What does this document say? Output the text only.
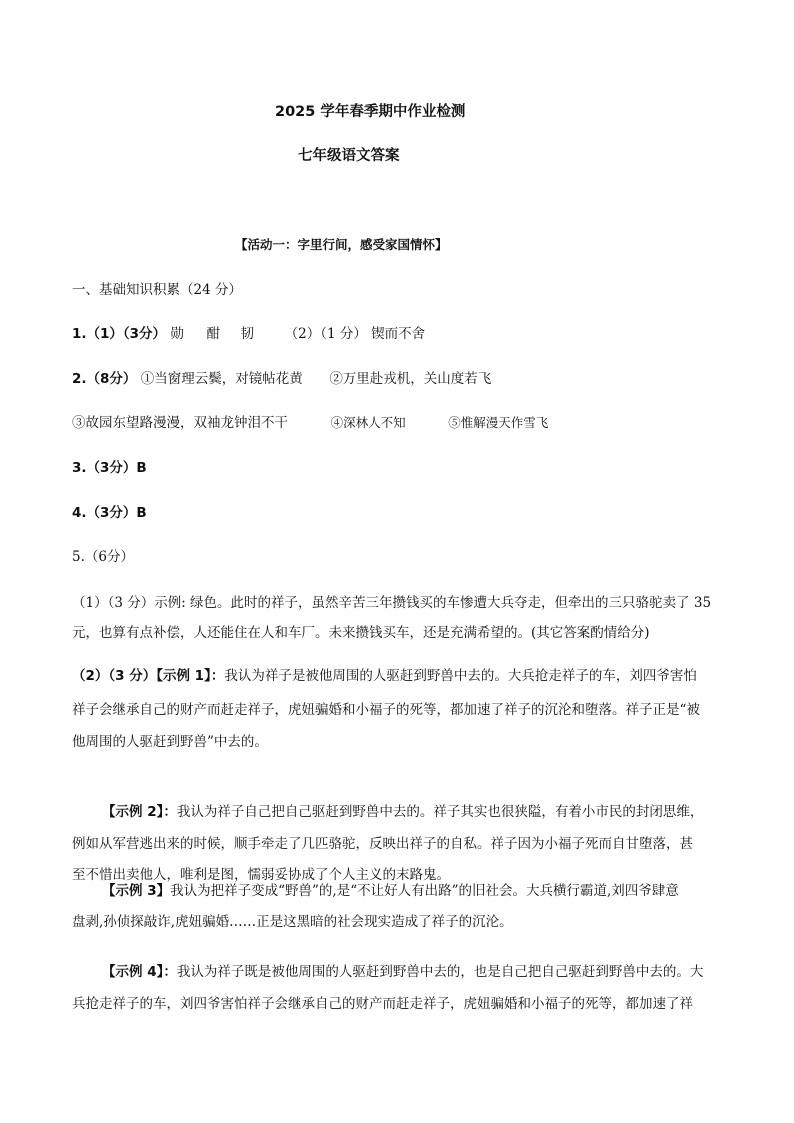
2025 学年春季期中作业检测
七年级语文答案
【活动一：字里行间，感受家国情怀】
一、基础知识积累（24 分）
1.（1）（3分） 勋 酣 韧 （2）（1 分） 锲而不舍
2.（8分） ①当窗理云鬓，对镜帖花黄 ②万里赴戎机，关山度若飞
③故园东望路漫漫，双袖龙钟泪不干	④深林人不知	⑤惟解漫天作雪飞
3.（3分）B
4.（3分）B
5.（6分）
（1）（3 分）示例: 绿色。此时的祥子，虽然辛苦三年攒钱买的车惨遭大兵夺走，但牵出的三只骆驼卖了 35
元，也算有点补偿，人还能住在人和车厂。未来攒钱买车，还是充满希望的。(其它答案酌情给分)
（2）（3 分）【示例 1】：我认为祥子是被他周围的人驱赶到野兽中去的。大兵抢走祥子的车，刘四爷害怕
祥子会继承自己的财产而赶走祥子，虎妞骗婚和小福子的死等，都加速了祥子的沉沦和堕落。祥子正是“被
他周围的人驱赶到野兽”中去的。
【示例 2】：我认为祥子自己把自己驱赶到野兽中去的。祥子其实也很狭隘，有着小市民的封闭思维，
例如从军营逃出来的时候，顺手牵走了几匹骆驼，反映出祥子的自私。祥子因为小福子死而自甘堕落，甚
至不惜出卖他人，唯利是图，懦弱妥协成了个人主义的末路鬼。
【示例 3】我认为把祥子变成“野兽”的,是“不让好人有出路”的旧社会。大兵横行霸道,刘四爷肆意
盘剥,孙侦探敲诈,虎妞骗婚……正是这黑暗的社会现实造成了祥子的沉沦。
【示例 4】：我认为祥子既是被他周围的人驱赶到野兽中去的，也是自己把自己驱赶到野兽中去的。大
兵抢走祥子的车，刘四爷害怕祥子会继承自己的财产而赶走祥子，虎妞骗婚和小福子的死等，都加速了祥
